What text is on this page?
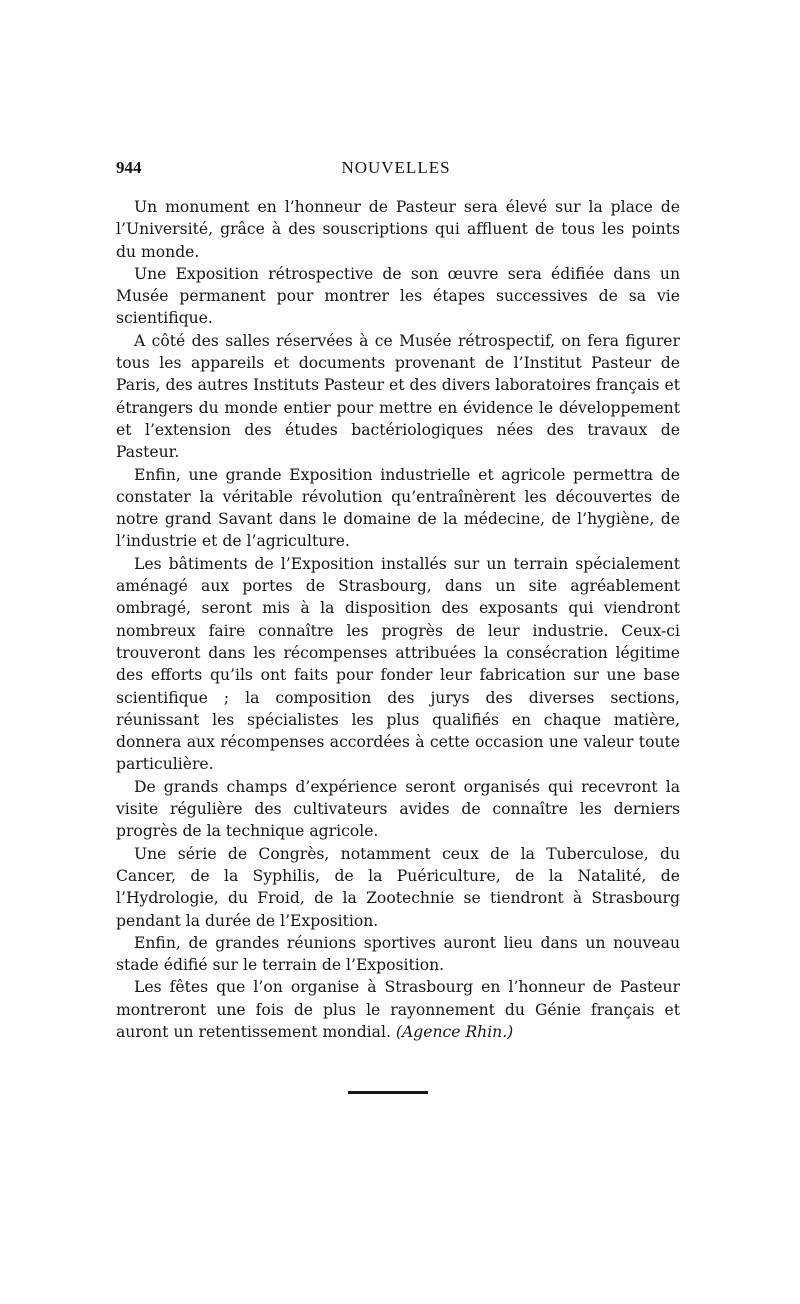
944	NOUVELLES

Un monument en l’honneur de Pasteur sera élevé sur la place de l’Université, grâce à des souscriptions qui affluent de tous les points du monde.

Une Exposition rétrospective de son œuvre sera édifiée dans un Musée permanent pour montrer les étapes successives de sa vie scientifique.

A côté des salles réservées à ce Musée rétrospectif, on fera figurer tous les appareils et documents provenant de l’Institut Pasteur de Paris, des autres Instituts Pasteur et des divers laboratoires français et étrangers du monde entier pour mettre en évidence le développement et l’extension des études bactériologiques nées des travaux de Pasteur.

Enfin, une grande Exposition industrielle et agricole permettra de constater la véritable révolution qu’entraînèrent les découvertes de notre grand Savant dans le domaine de la médecine, de l’hygiène, de l’industrie et de l’agriculture.

Les bâtiments de l’Exposition installés sur un terrain spécialement aménagé aux portes de Strasbourg, dans un site agréablement ombragé, seront mis à la disposition des exposants qui viendront nombreux faire connaître les progrès de leur industrie. Ceux-ci trouveront dans les récompenses attribuées la consécration légitime des efforts qu’ils ont faits pour fonder leur fabrication sur une base scientifique ; la composition des jurys des diverses sections, réunissant les spécialistes les plus qualifiés en chaque matière, donnera aux récompenses accordées à cette occasion une valeur toute particulière.

De grands champs d’expérience seront organisés qui recevront la visite régulière des cultivateurs avides de connaître les derniers progrès de la technique agricole.

Une série de Congrès, notamment ceux de la Tuberculose, du Cancer, de la Syphilis, de la Puériculture, de la Natalité, de l’Hydrologie, du Froid, de la Zootechnie se tiendront à Strasbourg pendant la durée de l’Exposition.

Enfin, de grandes réunions sportives auront lieu dans un nouveau stade édifié sur le terrain de l’Exposition.

Les fêtes que l’on organise à Strasbourg en l’honneur de Pasteur montreront une fois de plus le rayonnement du Génie français et auront un retentissement mondial. (Agence Rhin.)
